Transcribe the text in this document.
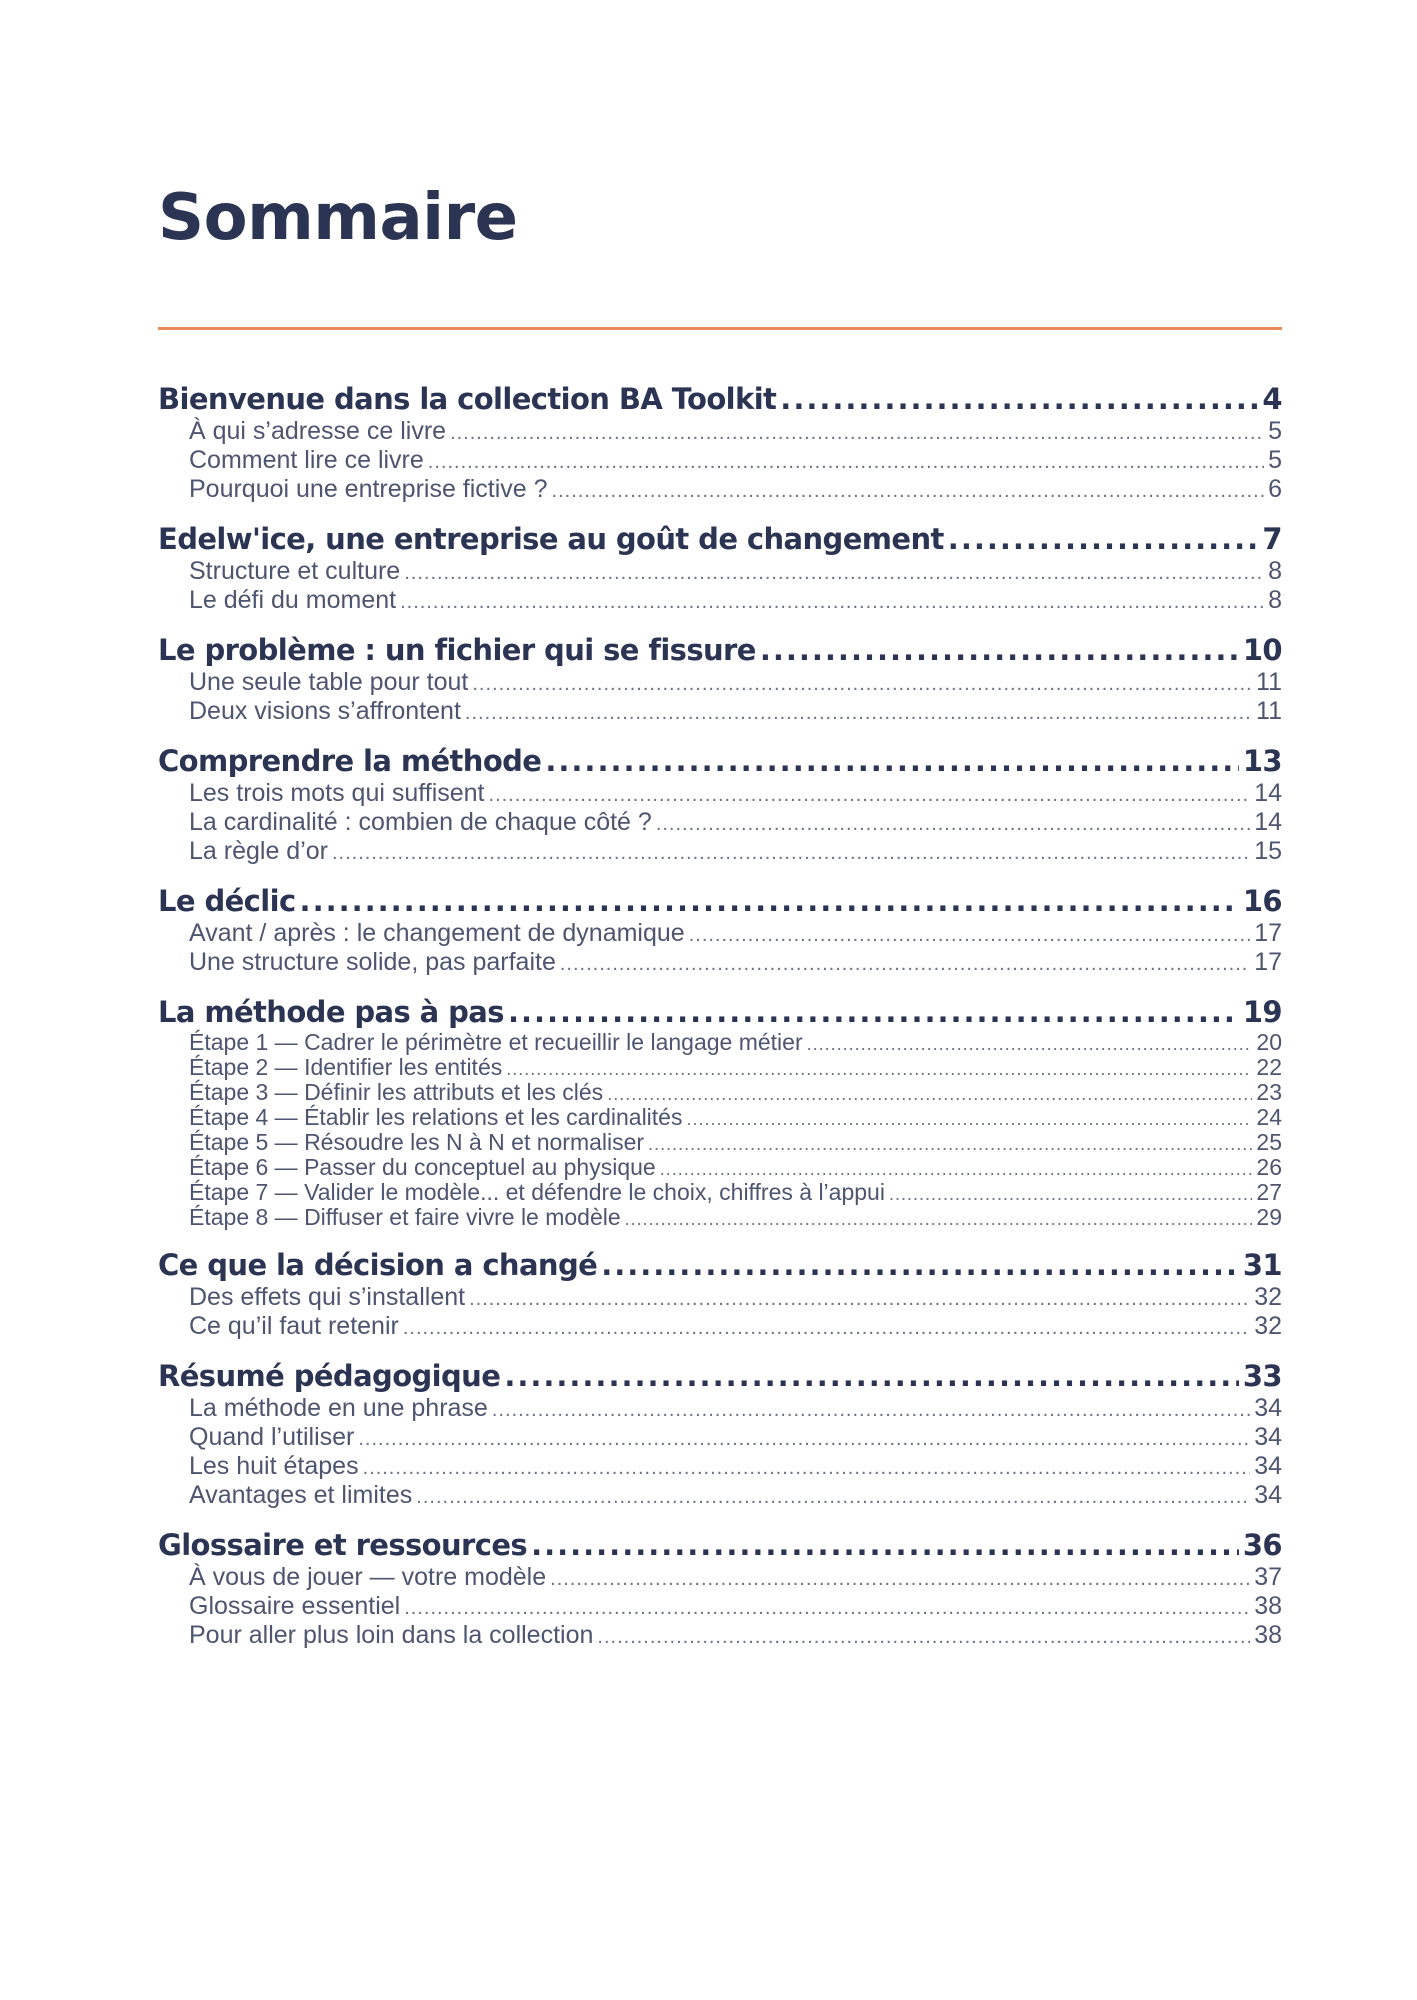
Sommaire
Bienvenue dans la collection BA Toolkit .....	4
À qui s’adresse ce livre .....	5
Comment lire ce livre .....	5
Pourquoi une entreprise fictive ? .....	6
Edelw'ice, une entreprise au goût de changement .....	7
Structure et culture .....	8
Le défi du moment .....	8
Le problème : un fichier qui se fissure .....	10
Une seule table pour tout .....	11
Deux visions s’affrontent .....	11
Comprendre la méthode .....	13
Les trois mots qui suffisent .....	14
La cardinalité : combien de chaque côté ? .....	14
La règle d’or .....	15
Le déclic .....	16
Avant / après : le changement de dynamique .....	17
Une structure solide, pas parfaite .....	17
La méthode pas à pas .....	19
Étape 1 — Cadrer le périmètre et recueillir le langage métier .....	20
Étape 2 — Identifier les entités .....	22
Étape 3 — Définir les attributs et les clés .....	23
Étape 4 — Établir les relations et les cardinalités .....	24
Étape 5 — Résoudre les N à N et normaliser .....	25
Étape 6 — Passer du conceptuel au physique .....	26
Étape 7 — Valider le modèle... et défendre le choix, chiffres à l’appui .....	27
Étape 8 — Diffuser et faire vivre le modèle .....	29
Ce que la décision a changé .....	31
Des effets qui s’installent .....	32
Ce qu’il faut retenir .....	32
Résumé pédagogique .....	33
La méthode en une phrase .....	34
Quand l’utiliser .....	34
Les huit étapes .....	34
Avantages et limites .....	34
Glossaire et ressources .....	36
À vous de jouer — votre modèle .....	37
Glossaire essentiel .....	38
Pour aller plus loin dans la collection .....	38
